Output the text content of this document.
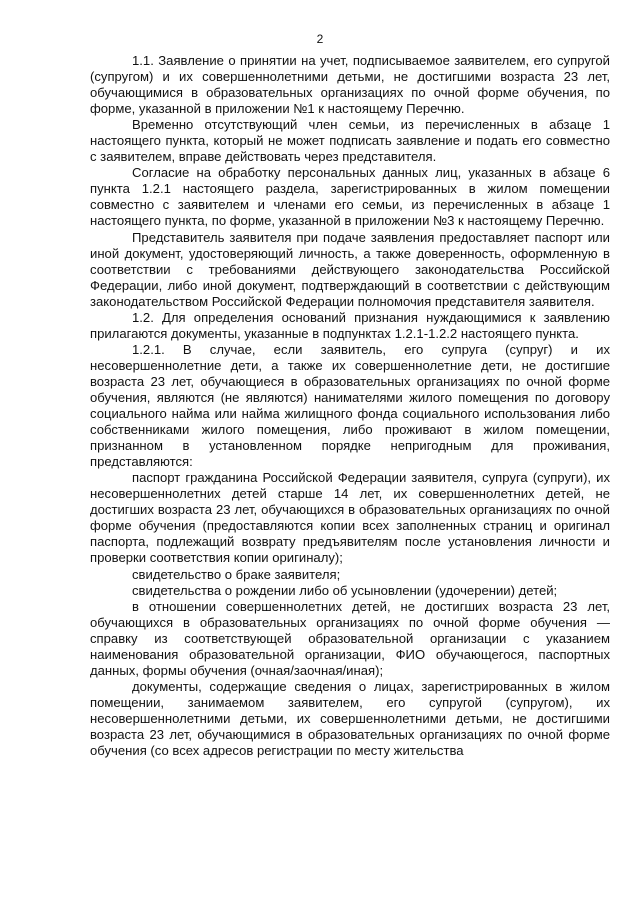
2

1.1. Заявление о принятии на учет, подписываемое заявителем, его супругой (супругом) и их совершеннолетними детьми, не достигшими возраста 23 лет, обучающимися в образовательных организациях по очной форме обучения, по форме, указанной в приложении №1 к настоящему Перечню.

Временно отсутствующий член семьи, из перечисленных в абзаце 1 настоящего пункта, который не может подписать заявление и подать его совместно с заявителем, вправе действовать через представителя.

Согласие на обработку персональных данных лиц, указанных в абзаце 6 пункта 1.2.1 настоящего раздела, зарегистрированных в жилом помещении совместно с заявителем и членами его семьи, из перечисленных в абзаце 1 настоящего пункта, по форме, указанной в приложении №3 к настоящему Перечню.

Представитель заявителя при подаче заявления предоставляет паспорт или иной документ, удостоверяющий личность, а также доверенность, оформленную в соответствии с требованиями действующего законодательства Российской Федерации, либо иной документ, подтверждающий в соответствии с действующим законодательством Российской Федерации полномочия представителя заявителя.

1.2. Для определения оснований признания нуждающимися к заявлению прилагаются документы, указанные в подпунктах 1.2.1-1.2.2 настоящего пункта.

1.2.1. В случае, если заявитель, его супруга (супруг) и их несовершеннолетние дети, а также их совершеннолетние дети, не достигшие возраста 23 лет, обучающиеся в образовательных организациях по очной форме обучения, являются (не являются) нанимателями жилого помещения по договору социального найма или найма жилищного фонда социального использования либо собственниками жилого помещения, либо проживают в жилом помещении, признанном в установленном порядке непригодным для проживания, представляются:

паспорт гражданина Российской Федерации заявителя, супруга (супруги), их несовершеннолетних детей старше 14 лет, их совершеннолетних детей, не достигших возраста 23 лет, обучающихся в образовательных организациях по очной форме обучения (предоставляются копии всех заполненных страниц и оригинал паспорта, подлежащий возврату предъявителям после установления личности и проверки соответствия копии оригиналу);

свидетельство о браке заявителя;

свидетельства о рождении либо об усыновлении (удочерении) детей;

в отношении совершеннолетних детей, не достигших возраста 23 лет, обучающихся в образовательных организациях по очной форме обучения — справку из соответствующей образовательной организации с указанием наименования образовательной организации, ФИО обучающегося, паспортных данных, формы обучения (очная/заочная/иная);

документы, содержащие сведения о лицах, зарегистрированных в жилом помещении, занимаемом заявителем, его супругой (супругом), их несовершеннолетними детьми, их совершеннолетними детьми, не достигшими возраста 23 лет, обучающимися в образовательных организациях по очной форме обучения (со всех адресов регистрации по месту жительства
